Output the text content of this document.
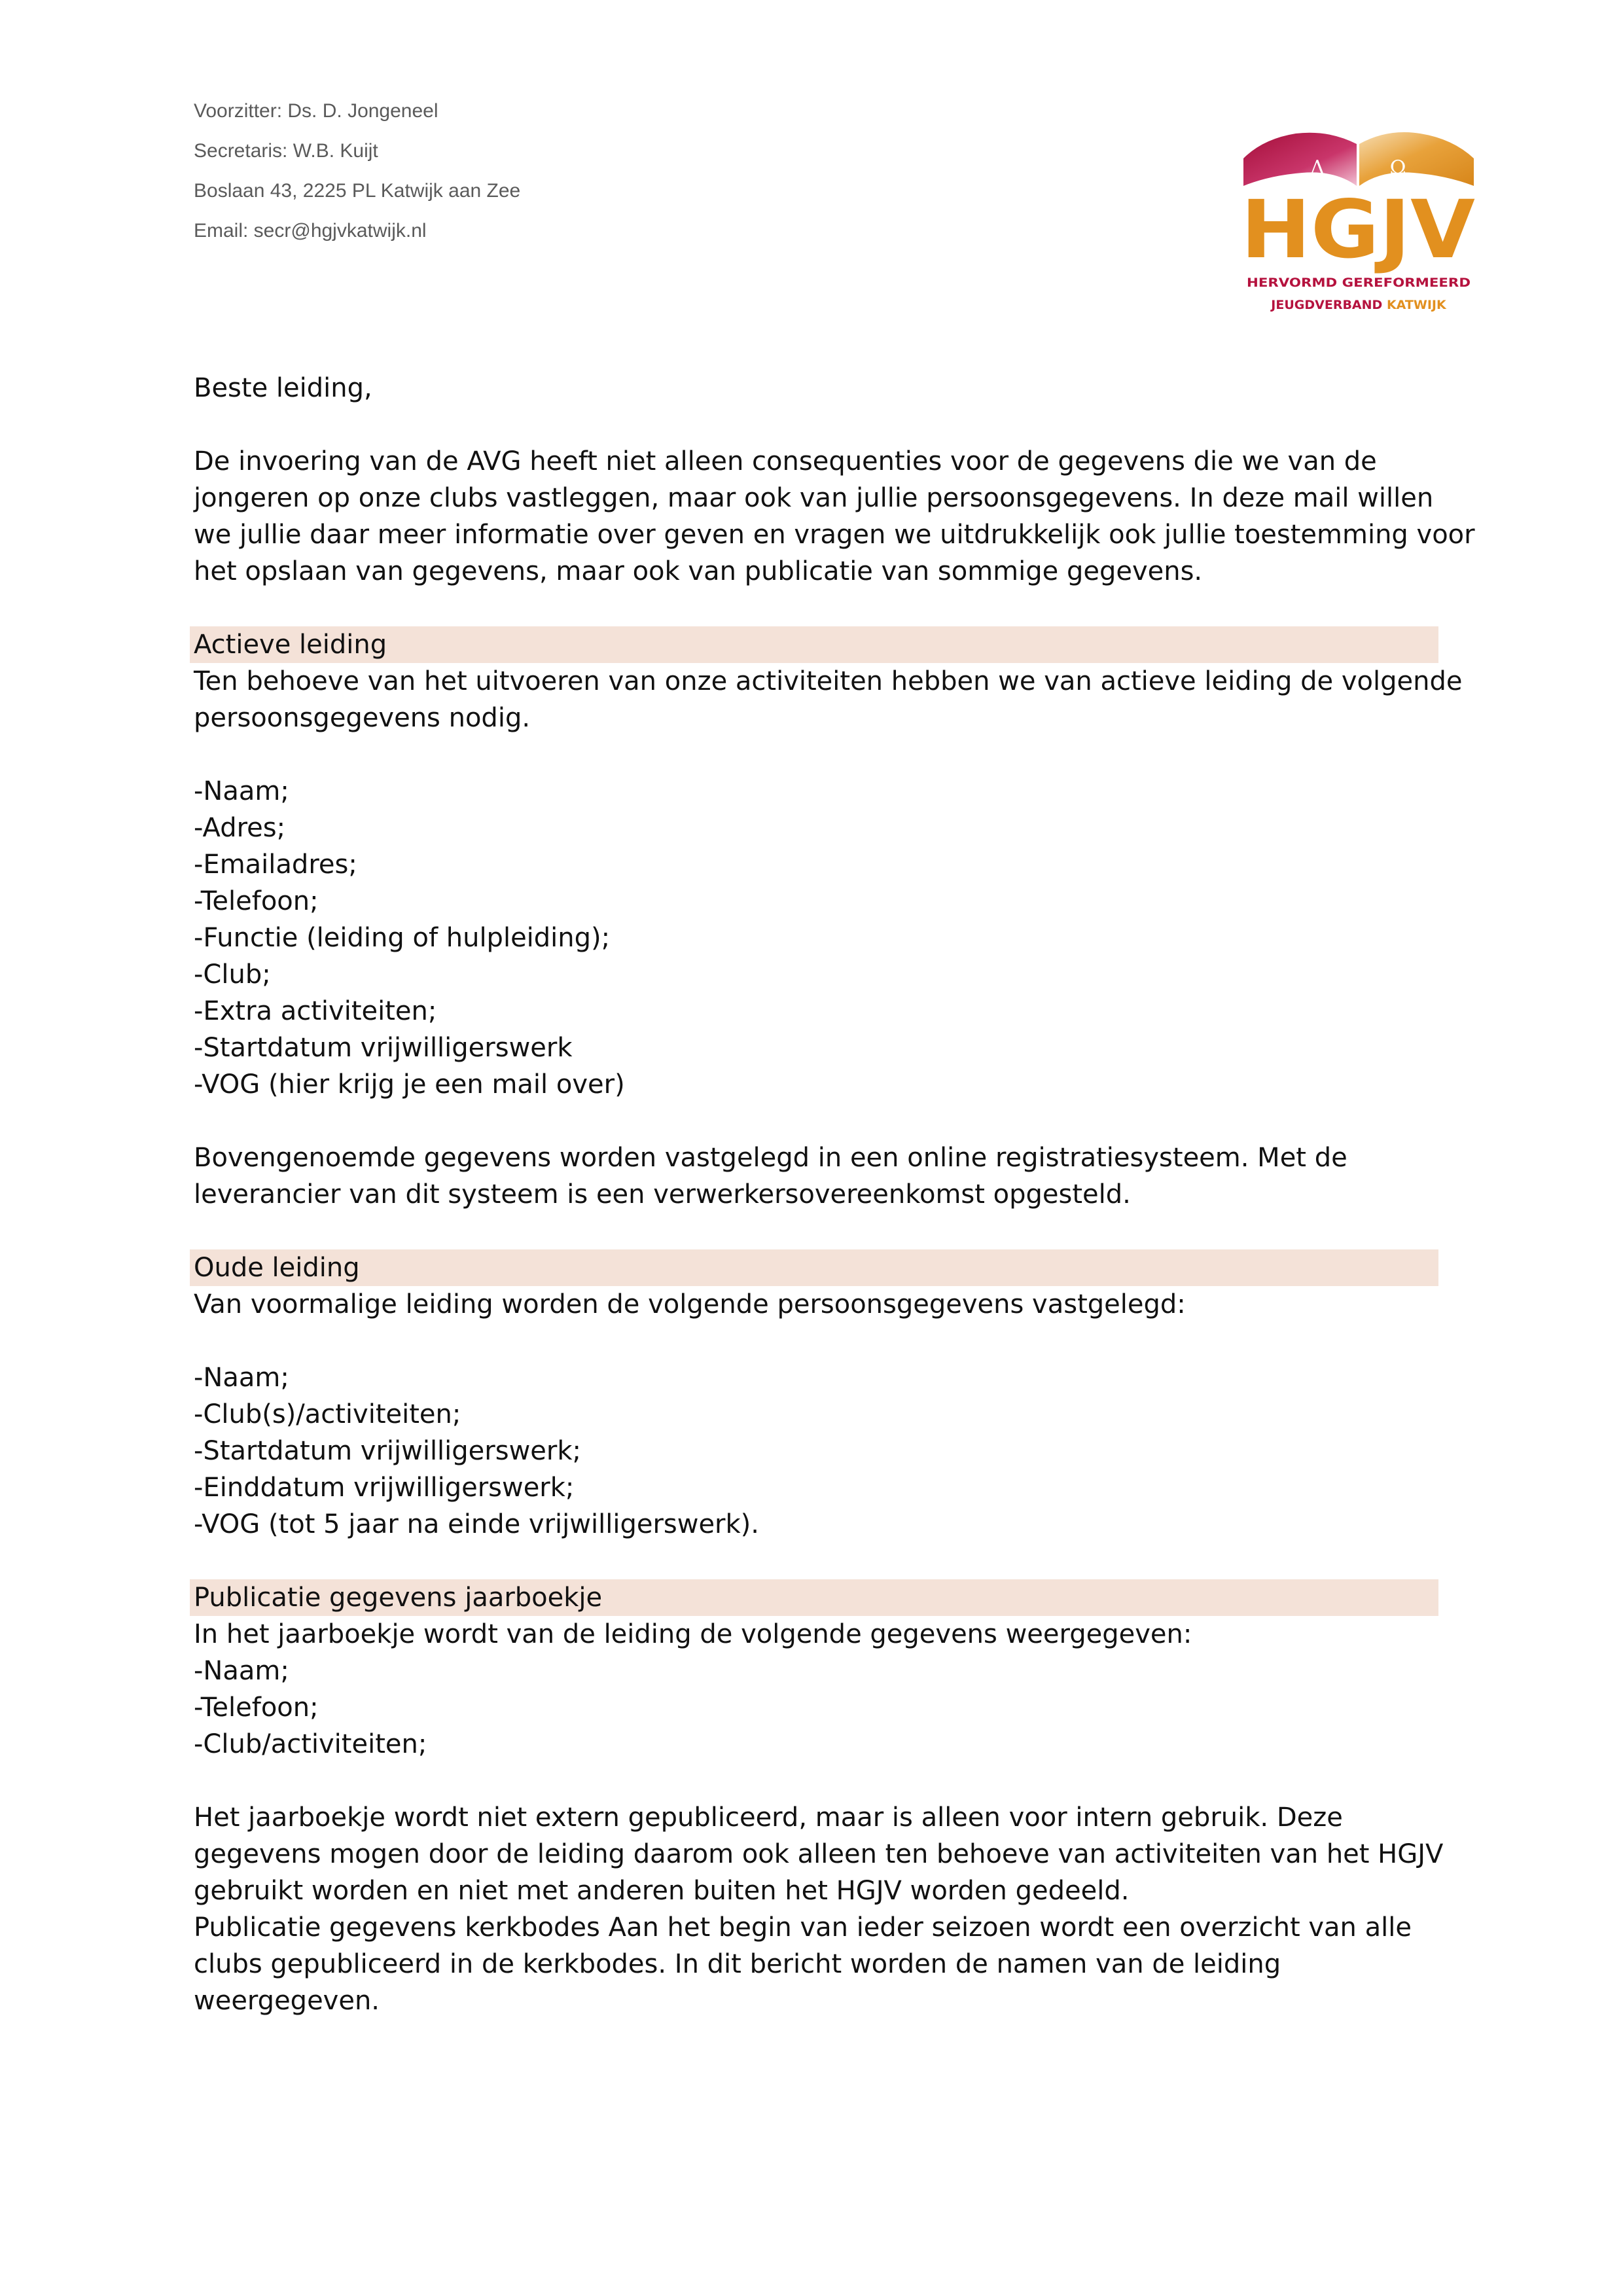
Voorzitter: Ds. D. Jongeneel
Secretaris: W.B. Kuijt
Boslaan 43, 2225 PL Katwijk aan Zee
Email: secr@hgjvkatwijk.nl
Λ	Ω
HGJV
HERVORMD GEREFORMEERD
JEUGDVERBAND KATWIJK
Beste leiding,
De invoering van de AVG heeft niet alleen consequenties voor de gegevens die we van de
jongeren op onze clubs vastleggen, maar ook van jullie persoonsgegevens. In deze mail willen
we jullie daar meer informatie over geven en vragen we uitdrukkelijk ook jullie toestemming voor
het opslaan van gegevens, maar ook van publicatie van sommige gegevens.
Actieve leiding
Ten behoeve van het uitvoeren van onze activiteiten hebben we van actieve leiding de volgende
persoonsgegevens nodig.
-Naam;
-Adres;
-Emailadres;
-Telefoon;
-Functie (leiding of hulpleiding);
-Club;
-Extra activiteiten;
-Startdatum vrijwilligerswerk
-VOG (hier krijg je een mail over)
Bovengenoemde gegevens worden vastgelegd in een online registratiesysteem. Met de
leverancier van dit systeem is een verwerkersovereenkomst opgesteld.
Oude leiding
Van voormalige leiding worden de volgende persoonsgegevens vastgelegd:
-Naam;
-Club(s)/activiteiten;
-Startdatum vrijwilligerswerk;
-Einddatum vrijwilligerswerk;
-VOG (tot 5 jaar na einde vrijwilligerswerk).
Publicatie gegevens jaarboekje
In het jaarboekje wordt van de leiding de volgende gegevens weergegeven:
-Naam;
-Telefoon;
-Club/activiteiten;
Het jaarboekje wordt niet extern gepubliceerd, maar is alleen voor intern gebruik. Deze
gegevens mogen door de leiding daarom ook alleen ten behoeve van activiteiten van het HGJV
gebruikt worden en niet met anderen buiten het HGJV worden gedeeld.
Publicatie gegevens kerkbodes Aan het begin van ieder seizoen wordt een overzicht van alle
clubs gepubliceerd in de kerkbodes. In dit bericht worden de namen van de leiding
weergegeven.
